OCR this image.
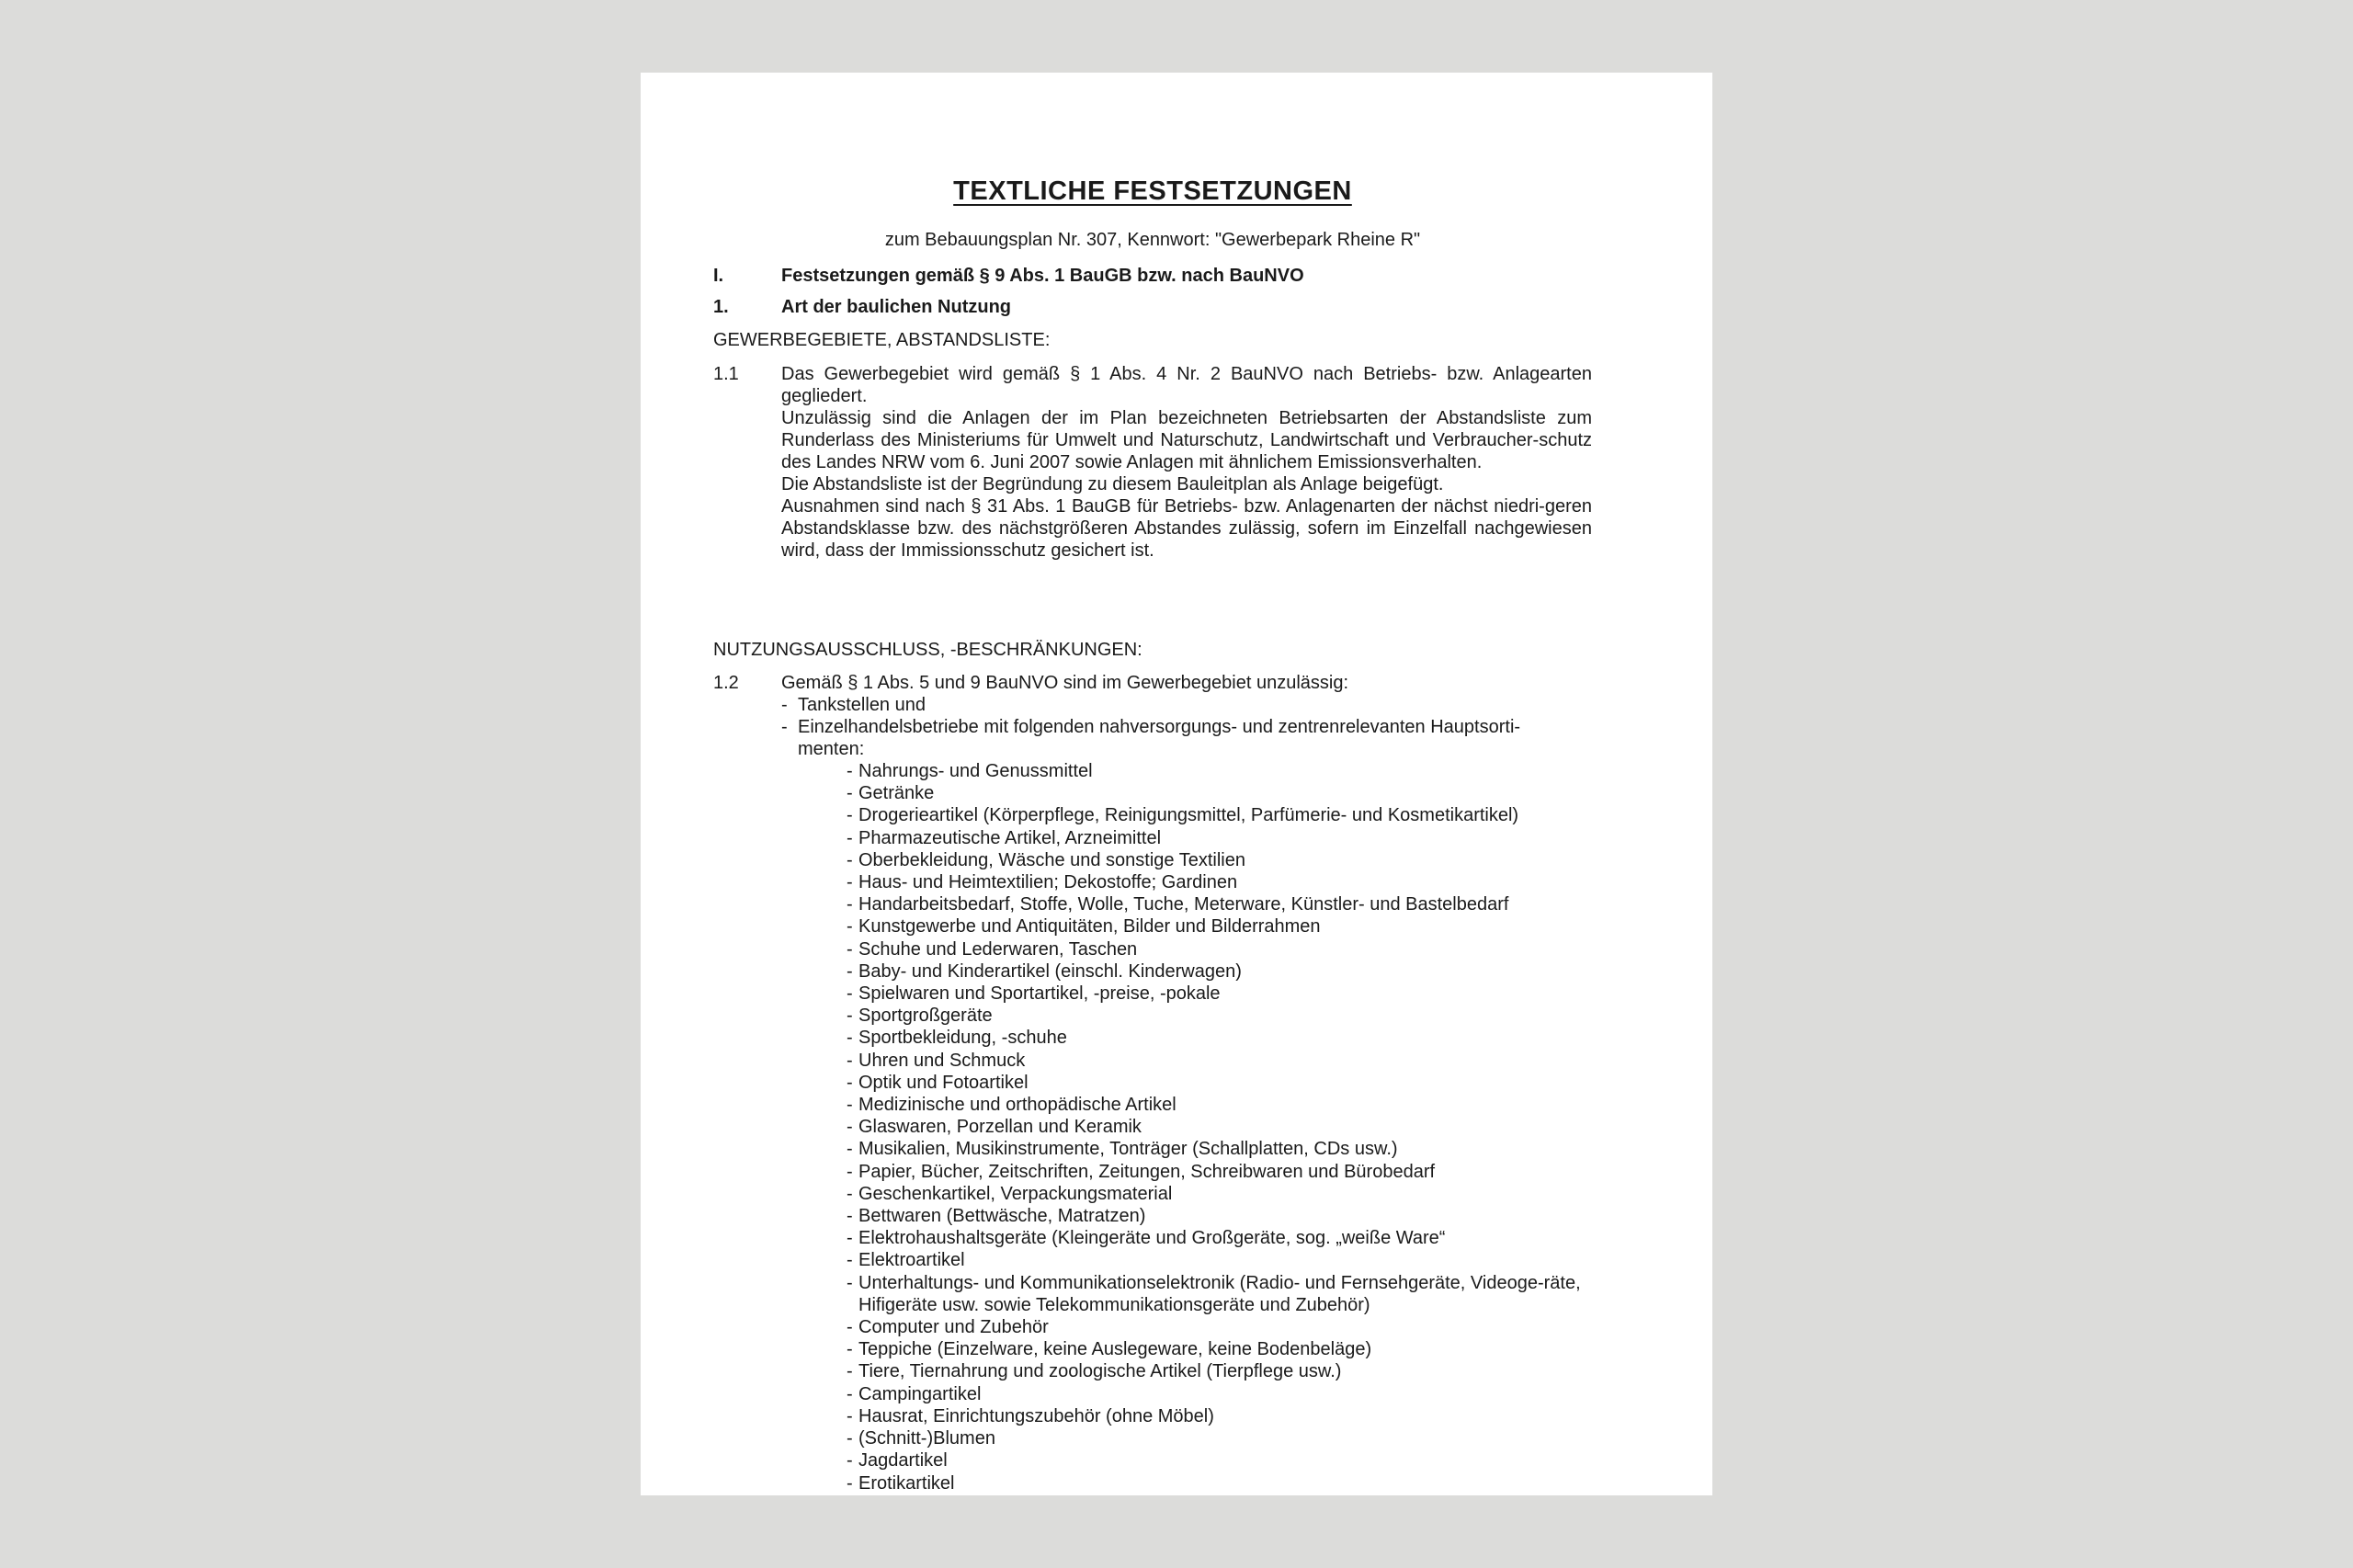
TEXTLICHE FESTSETZUNGEN
zum Bebauungsplan Nr. 307, Kennwort: "Gewerbepark Rheine R"
I.	Festsetzungen gemäß § 9 Abs. 1 BauGB bzw. nach BauNVO
1.	Art der baulichen Nutzung
GEWERBEGEBIETE, ABSTANDSLISTE:
1.1 Das Gewerbegebiet wird gemäß § 1 Abs. 4 Nr. 2 BauNVO nach Betriebs- bzw. Anlagearten gegliedert.

Unzulässig sind die Anlagen der im Plan bezeichneten Betriebsarten der Abstandsliste zum Runderlass des Ministeriums für Umwelt und Naturschutz, Landwirtschaft und Verbraucher-schutz des Landes NRW vom 6. Juni 2007 sowie Anlagen mit ähnlichem Emissionsverhalten.

Die Abstandsliste ist der Begründung zu diesem Bauleitplan als Anlage beigefügt.

Ausnahmen sind nach § 31 Abs. 1 BauGB für Betriebs- bzw. Anlagenarten der nächst niedri-geren Abstandsklasse bzw. des nächstgrößeren Abstandes zulässig, sofern im Einzelfall nachgewiesen wird, dass der Immissionsschutz gesichert ist.

NUTZUNGSAUSSCHLUSS, -BESCHRÄNKUNGEN:
1.2 Gemäß § 1 Abs. 5 und 9 BauNVO sind im Gewerbegebiet unzulässig:
- Tankstellen und
- Einzelhandelsbetriebe mit folgenden nahversorgungs- und zentrenrelevanten Hauptsorti-
menten:
- Nahrungs- und Genussmittel
- Getränke
- Drogerieartikel (Körperpflege, Reinigungsmittel, Parfümerie- und Kosmetikartikel)
- Pharmazeutische Artikel, Arzneimittel
- Oberbekleidung, Wäsche und sonstige Textilien
- Haus- und Heimtextilien; Dekostoffe; Gardinen
- Handarbeitsbedarf, Stoffe, Wolle, Tuche, Meterware, Künstler- und Bastelbedarf
- Kunstgewerbe und Antiquitäten, Bilder und Bilderrahmen
- Schuhe und Lederwaren, Taschen
- Baby- und Kinderartikel (einschl. Kinderwagen)
- Spielwaren und Sportartikel, -preise, -pokale
- Sportgroßgeräte
- Sportbekleidung, -schuhe
- Uhren und Schmuck
- Optik und Fotoartikel
- Medizinische und orthopädische Artikel
- Glaswaren, Porzellan und Keramik
- Musikalien, Musikinstrumente, Tonträger (Schallplatten, CDs usw.)
- Papier, Bücher, Zeitschriften, Zeitungen, Schreibwaren und Bürobedarf
- Geschenkartikel, Verpackungsmaterial
- Bettwaren (Bettwäsche, Matratzen)
- Elektrohaushaltsgeräte (Kleingeräte und Großgeräte, sog. „weiße Ware“
- Elektroartikel
- Unterhaltungs- und Kommunikationselektronik (Radio- und Fernsehgeräte, Videoge-räte, Hifigeräte usw. sowie Telekommunikationsgeräte und Zubehör)
- Computer und Zubehör
- Teppiche (Einzelware, keine Auslegeware, keine Bodenbeläge)
- Tiere, Tiernahrung und zoologische Artikel (Tierpflege usw.)
- Campingartikel
- Hausrat, Einrichtungszubehör (ohne Möbel)
- (Schnitt-)Blumen
- Jagdartikel
- Erotikartikel
